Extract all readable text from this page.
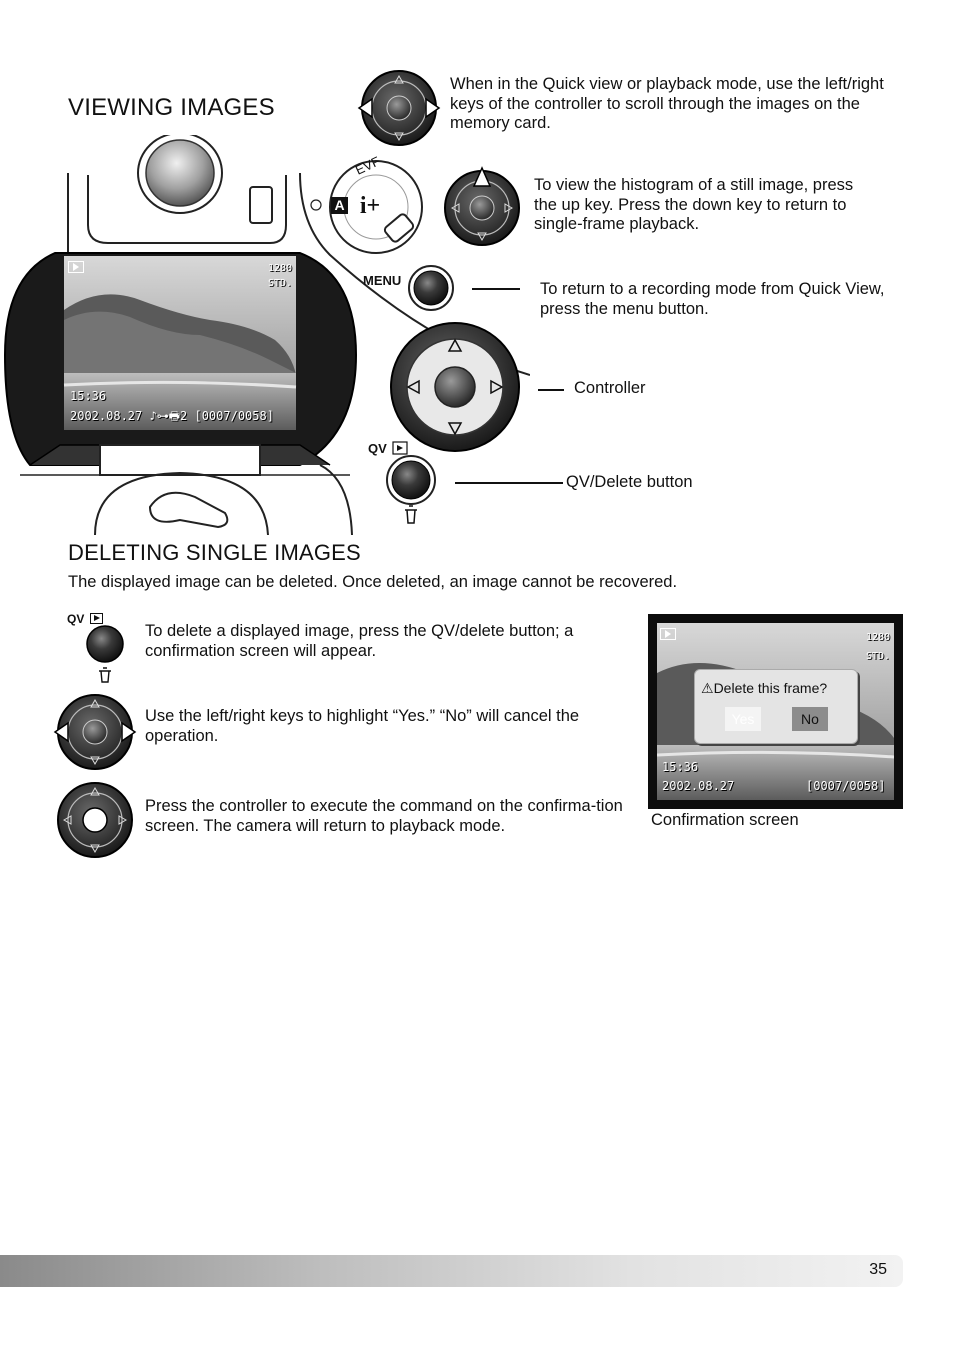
VIEWING IMAGES

When in the Quick view or playback mode, use the left/right keys of the controller to scroll through the images on the memory card.

To view the histogram of a still image, press the up key. Press the down key to return to single-frame playback.

To return to a recording mode from Quick View, press the menu button.

A i+
EVF
MENU
QV
1280
STD.
15:36
2002.08.27 ♪⊶🖶2 [0007/0058]

Controller

QV/Delete button

DELETING SINGLE IMAGES

The displayed image can be deleted. Once deleted, an image cannot be recovered.

QV

To delete a displayed image, press the QV/delete button; a confirmation screen will appear.

Use the left/right keys to highlight “Yes.” “No” will cancel the operation.

Press the controller to execute the command on the confirma-tion screen. The camera will return to playback mode.

1280
STD.
⚠Delete this frame?
Yes	No
15:36
2002.08.27	[0007/0058]

Confirmation screen

35
